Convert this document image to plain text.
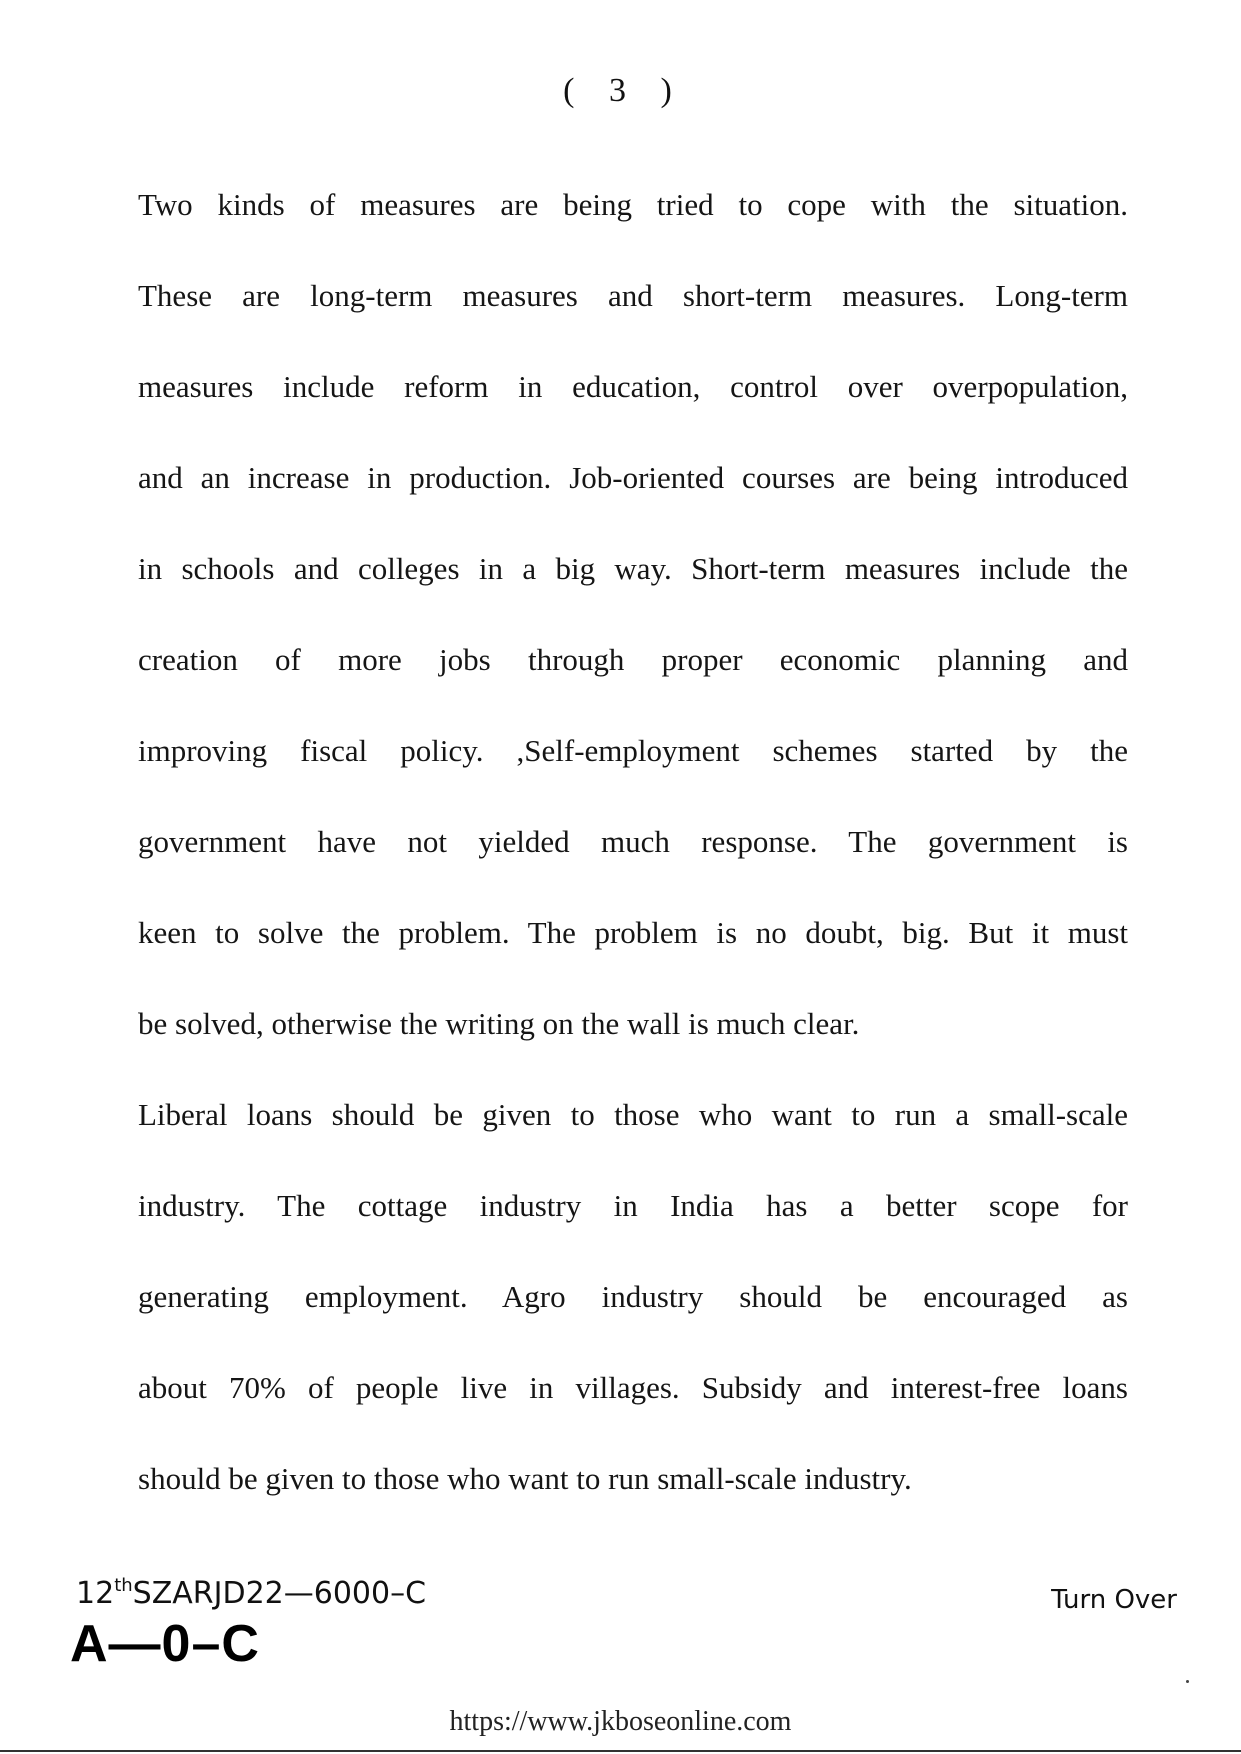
( 3 )
Two kinds of measures are being tried to cope with the situation.
These are long-term measures and short-term measures. Long-term
measures include reform in education, control over overpopulation,
and an increase in production. Job-oriented courses are being introduced
in schools and colleges in a big way. Short-term measures include the
creation of more jobs through proper economic planning and
improving fiscal policy. ,Self-employment schemes started by the
government have not yielded much response. The government is
keen to solve the problem. The problem is no doubt, big. But it must
be solved, otherwise the writing on the wall is much clear.
Liberal loans should be given to those who want to run a small-scale
industry. The cottage industry in India has a better scope for
generating employment. Agro industry should be encouraged as
about 70% of people live in villages. Subsidy and interest-free loans
should be given to those who want to run small-scale industry.
12thSZARJD22—6000–C
A—0–C
Turn Over
https://www.jkboseonline.com
